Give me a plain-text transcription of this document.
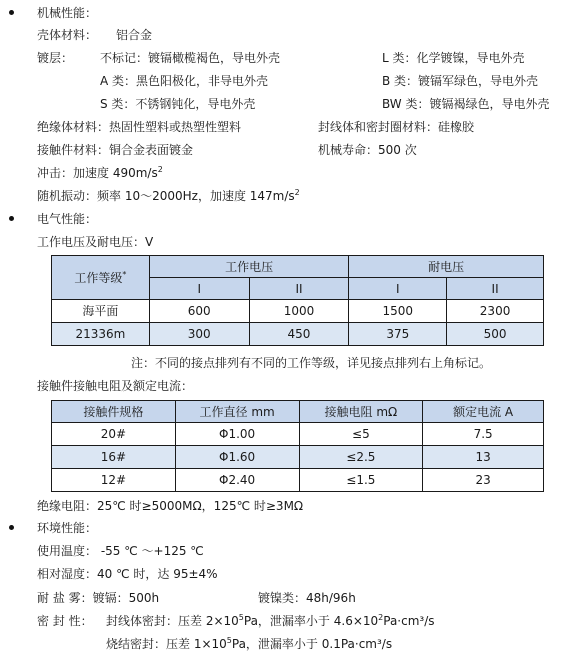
机械性能：
壳体材料： 铝合金
镀层： 不标记：镀镉橄榄褐色，导电外壳	L 类：化学镀镍，导电外壳
A 类：黑色阳极化，非导电外壳	B 类：镀镉军绿色，导电外壳
S 类：不锈钢钝化，导电外壳	BW 类：镀镉褐绿色，导电外壳
绝缘体材料：热固性塑料或热塑性塑料	封线体和密封圈材料：硅橡胶
接触件材料：铜合金表面镀金	机械寿命：500 次
冲击：加速度 $490m/s^2$
随机振动：频率 10～2000Hz，加速度 $147m/s^2$
电气性能：
工作电压及耐电压：V
工作等级*	工作电压		耐电压	
	I	II	I	II
海平面	600	1000	1500	2300
21336m	300	450	375	500
注：不同的接点排列有不同的工作等级，详见接点排列右上角标记。
接触件接触电阻及额定电流：
接触件规格	工作直径 mm	接触电阻 mΩ	额定电流 A
20#	Φ1.00	≤5	7.5
16#	Φ1.60	≤2.5	13
12#	Φ2.40	≤1.5	23
绝缘电阻：25℃ 时≥5000MΩ，125℃ 时≥3MΩ
环境性能：
使用温度： -55 ℃ ～+125 ℃
相对湿度：40 ℃ 时，达 95±4%
耐 盐 雾：镀镉：500h	镀镍类：48h/96h
密 封 性： 封线体密封：压差 $2\times 10^5Pa$，泄漏率小于 $4.6\times 10^2Pa\cdot cm^3/s$
烧结密封：压差 $1\times 10^5Pa$，泄漏率小于 0.1Pa·cm³/s
